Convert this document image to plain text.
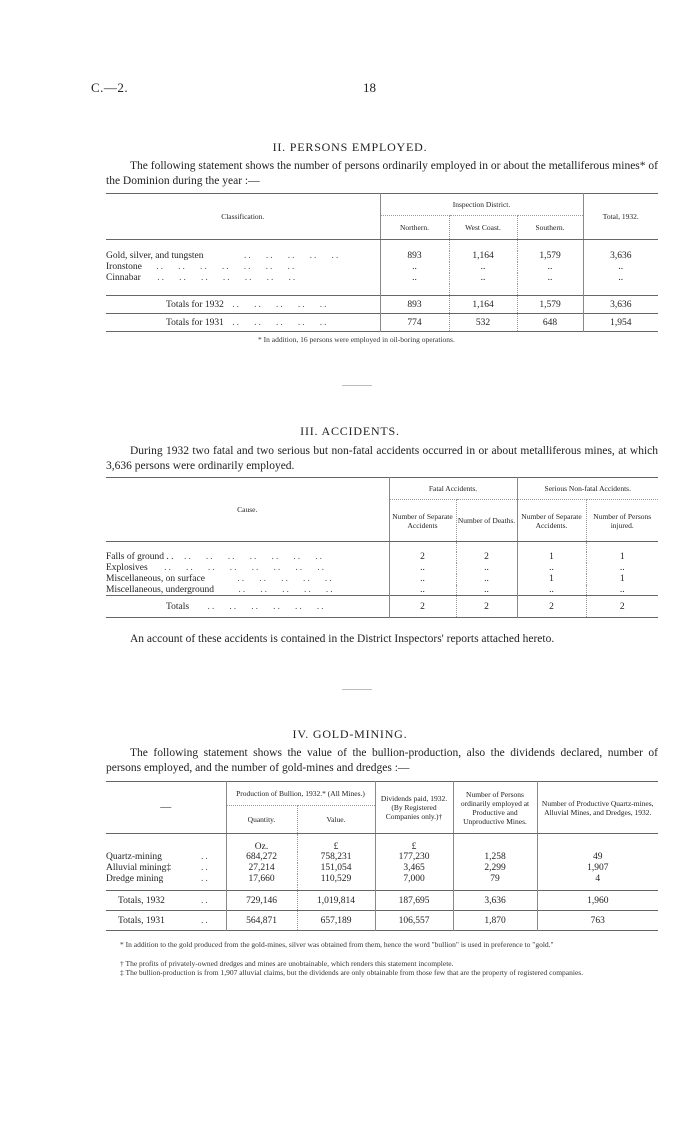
C.—2.	18
II. PERSONS EMPLOYED.
The following statement shows the number of persons ordinarily employed in or about the metalliferous mines* of the Dominion during the year :—
Classification.	Inspection District.			Total, 1932.
	Northern.	West Coast.	Southern.	

Gold, silver, and tungsten ..   ..   ..   ..   ..	893	1,164	1,579	3,636
Ironstone ..   ..   ..   ..   ..   ..   ..	..	..	..	..
Cinnabar ..   ..   ..   ..   ..   ..   ..	..	..	..	..

Totals for 1932 ..   ..   ..   ..   ..	893	1,164	1,579	3,636
Totals for 1931 ..   ..   ..   ..   ..	774	532	648	1,954
* In addition, 16 persons were employed in oil-boring operations.
III. ACCIDENTS.
During 1932 two fatal and two serious but non-fatal accidents occurred in or about metalliferous mines, at which 3,636 persons were ordinarily employed.
Cause.	Fatal Accidents.		Serious Non-fatal Accidents.	
	Number of Separate Accidents	Number of Deaths.	Number of Separate Accidents.	Number of Persons injured.

Falls of ground . . ..   ..   ..   ..   ..   ..   ..	2	2	1	1
Explosives ..   ..   ..   ..   ..   ..   ..   ..	..	..	..	..
Miscellaneous, on surface ..   ..   ..   ..   ..	..	..	1	1
Miscellaneous, underground ..   ..   ..   ..   ..	..	..	..	..
Totals ..   ..   ..   ..   ..   ..	2	2	2	2
An account of these accidents is contained in the District Inspectors' reports attached hereto.
IV. GOLD-MINING.
The following statement shows the value of the bullion-production, also the dividends declared, number of persons employed, and the number of gold-mines and dredges :—
—	Production of Bullion, 1932.* (All Mines.)		Dividends paid, 1932. (By Registered Companies only.)†	Number of Persons ordinarily employed at Productive and Unproductive Mines.	Number of Productive Quartz-mines, Alluvial Mines, and Dredges, 1932.
	Quantity.	Value.			
	Oz.	£	£		
Quartz-mining ..	684,272	758,231	177,230	1,258	49
Alluvial mining‡ ..	27,214	151,054	3,465	2,299	1,907
Dredge mining ..	17,660	110,529	7,000	79	4

Totals, 1932 ..	729,146	1,019,814	187,695	3,636	1,960
Totals, 1931 ..	564,871	657,189	106,557	1,870	763
* In addition to the gold produced from the gold-mines, silver was obtained from them, hence the word "bullion" is used in preference to "gold."
† The profits of privately-owned dredges and mines are unobtainable, which renders this statement incomplete.
‡ The bullion-production is from 1,907 alluvial claims, but the dividends are only obtainable from those few that are the property of registered companies.
